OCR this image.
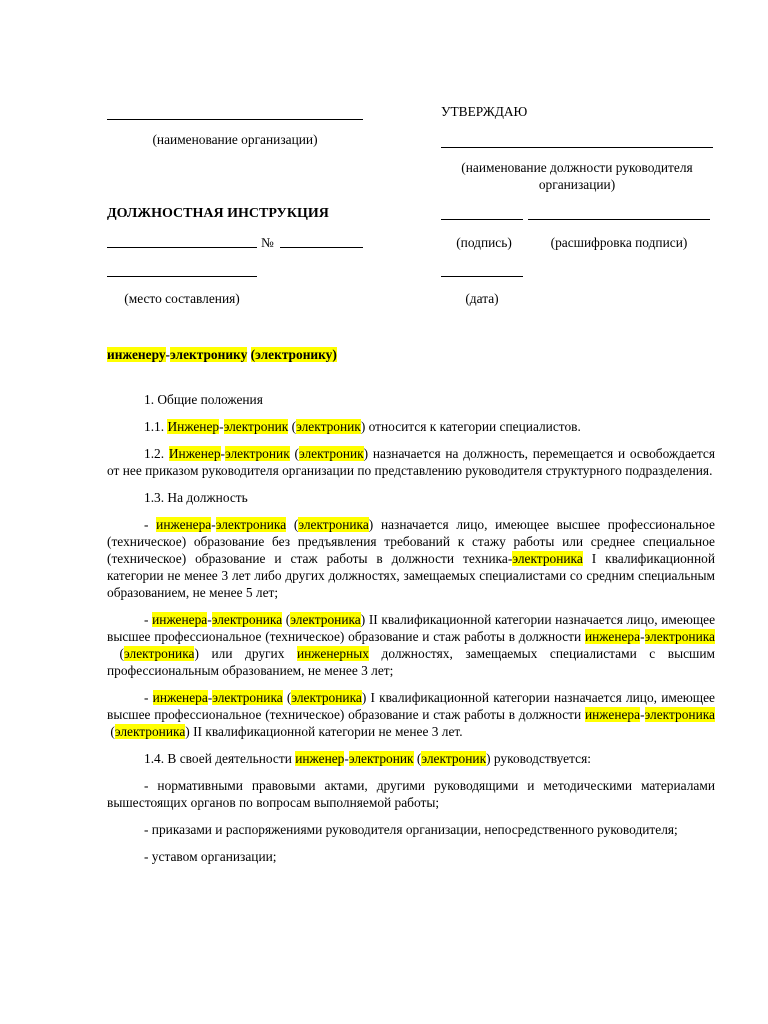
(наименование организации)
УТВЕРЖДАЮ
(наименование должности руководителя организации)
ДОЛЖНОСТНАЯ ИНСТРУКЦИЯ
№	(подпись)	(расшифровка подписи)
(место составления)	(дата)
инженеру-электронику (электронику)

1. Общие положения

1.1. Инженер-электроник (электроник) относится к категории специалистов.

1.2. Инженер-электроник (электроник) назначается на должность, перемещается и освобождается от нее приказом руководителя организации по представлению руководителя структурного подразделения.

1.3. На должность

- инженера-электроника (электроника) назначается лицо, имеющее высшее профессиональное (техническое) образование без предъявления требований к стажу работы или среднее специальное (техническое) образование и стаж работы в должности техника-электроника I квалификационной категории не менее 3 лет либо других должностях, замещаемых специалистами со средним специальным образованием, не менее 5 лет;

- инженера-электроника (электроника) II квалификационной категории назначается лицо, имеющее высшее профессиональное (техническое) образование и стаж работы в должности инженера-электроника (электроника) или других инженерных должностях, замещаемых специалистами с высшим профессиональным образованием, не менее 3 лет;

- инженера-электроника (электроника) I квалификационной категории назначается лицо, имеющее высшее профессиональное (техническое) образование и стаж работы в должности инженера-электроника (электроника) II квалификационной категории не менее 3 лет.

1.4. В своей деятельности инженер-электроник (электроник) руководствуется:

- нормативными правовыми актами, другими руководящими и методическими материалами вышестоящих органов по вопросам выполняемой работы;

- приказами и распоряжениями руководителя организации, непосредственного руководителя;

- уставом организации;
